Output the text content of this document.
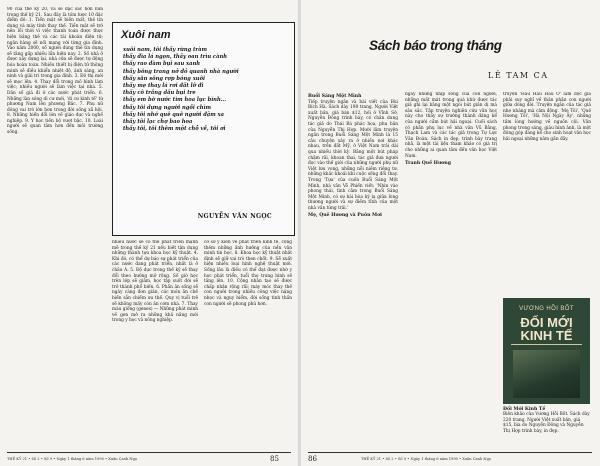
90 của thế kỷ 20, và sẽ đặc sắc hơn nữa trong thế kỷ 21. Sau đây là tóm lược 10 đặc điểm đó: 1. Tiền mặt sẽ biến mất, thẻ tín dụng và máy tính thay thế. Tiền mặt sẽ trở nên lỗi thời vì việc thanh toán được thực hiện bằng thẻ và các tài khoản điện tử; ngân hàng sẽ nối mạng với từng gia đình. Vào năm 2000, số người dùng thẻ tín dụng sẽ tăng gấp nhiều lần hiện nay. 2. Số nhà ở được xây dựng lại, nhà cửa sẽ được tự động hóa hoàn toàn. Nhiều thiết bị điện tử thông minh sẽ điều khiển nhiệt độ, ánh sáng, an ninh và giải trí trong gia đình. 3. Đô thị mới sẽ mọc lên. 4. Thay đổi trong mô hình làm việc; nhiều người sẽ làm việc tại nhà. 5. Dân số già đi ở các nước phát triển. 6. Những làn sóng di cư mới, 'di cư kinh tế' từ phương Nam lên phương Bắc. 7. Phụ nữ đóng vai trò lớn hơn trong đời sống xã hội. 8. Những biến đổi lớn về giáo dục và nghề nghiệp. 9. Y học tiến bộ vượt bậc. 10. Loài người sẽ quan tâm hơn đến môi trường sống.
Xuôi nam
xuôi nam, tôi thấy rừng tràm
thấy đìa lá ngọn, thấy oan trìu cành
thấy rao đàm bụi sau xanh
thấy bông trang nở đỏ quanh nhà người
thấy sân sông rợp bóng xuôi
thấy mẹ thay lá rơi đất lỡ đi
thấy cô trắng dấu bụi tre
thấy em bờ nước tìm hoa lục bình...
thấy tôi dựng người ngồi chìm
thấy tôi nhớ quê quê người đậm xa
thấy tôi lạc chợ bao hoa
thấy tôi, tôi thêm một chỗ về, tôi ơi
NGUYỄN VĂN NGỌC
nhiều nước sẽ có thể phát triển mạnh mẽ trong thế kỷ 21 nếu biết tận dụng những thành tựu khoa học kỹ thuật. 4. Khi đó, có thể dự báo sự phát triển của các nước đang phát triển, nhất là ở châu Á. 5. Độ dục trong thế kỷ sẽ thay đổi theo hướng mở rộng. Số giờ học trên lớp sẽ giảm, học tập suốt đời sẽ trở thành phổ biến. 6. Phần ăn sống sẽ ngày càng đơn giản, các món ăn chế biến sẵn chiếm ưu thế. Quy vị tuổi trẻ sẽ không mấy còn ăn cơm nhà. 7. Thay màu giống (genes) — Những phát minh về gen mở ra những khả năng mới trong y học và nông nghiệp.
cơ sở ý kiến về phát triển kinh tế, cộng thêm những ảnh hưởng của nền văn minh tin học. 8. Khoa học kỹ thuật nhất định sẽ giữ vai trò then chốt. 9. Sẽ xuất hiện nhiều loại hình nghệ thuật mới. Sống lâu là điều có thể đạt được nhờ y học phát triển, tuổi thọ trung bình sẽ tăng lên. 10. Cộng nhân tạo sẽ được chấp nhận rộng rãi; máy móc thay thế con người trong nhiều công việc nặng nhọc và nguy hiểm, đời sống tinh thần con người sẽ phong phú hơn.
THẾ KỶ 21 • Số 2 • Số 9 • Ngày 1 tháng 6 năm 1990 • Xuân Canh Ngọ	85
Sách báo trong tháng
LÊ TAM CA
Buổi Sáng Một Mình
Tiếp truyện ngắn và bài viết của Bùi Bích Hà. Sách dày 198 trang, Người Việt xuất bản, giá bán $12, hỏi ở Vĩnh Sở, Nguyễn Đông trình bày, có chân dung tác giả do Thái Bá phác họa, phụ bản của Nguyễn Thị Hợp. Mười lăm truyện ngắn trong Buổi Sáng Một Mình là 15 câu chuyện xảy ra ở nhiều nơi khác nhau, trên đất Mỹ, ở Việt Nam trải dài qua nhiều thời kỳ. Bằng một bút pháp chậm rãi, khoan thai, tác giả đưa người đọc vào thế giới của những người phụ nữ Việt lưu vong, những nỗi niềm riêng tư, những khắc khoải khi cuộc sống đổi thay. Trong 'Tựa' của cuốn Buổi Sáng Một Mình, nhà văn Võ Phiến viết: 'Nhìn vào phong thái, tình cảm trong Buổi Sáng Một Mình, có sự hài hòa kỳ lạ giữa lòng thương người và sự điềm tĩnh của một nhà văn từng trải.'
Mẹ, Quê Hương và Puôn Mơi
ngay những nhịp sống của con người, những mất mát trong quá khứ được tác giả ghi lại bằng một ngòi bút giản dị mà sâu sắc. Tập truyện nghiên cứu văn học này cho thấy sự trưởng thành đáng kể của người cầm bút hải ngoại. Cuối sách có phần phụ lục về nhà văn Vũ Bằng, Thạch Lam và các tác giả trong Tự Lực Văn Đoàn. Sách in đẹp, trình bày trang nhã, là một tài liệu tham khảo có giá trị cho những ai quan tâm đến văn học Việt Nam.
Tranh Quế Hương
truyện 'Hầu Hầu Hầu Ở' làm độc giả phải suy nghĩ về thân phận con người giữa dòng đời. Truyện ngắn của tác giả nhẹ nhàng mà cảm động. 'Mẹ Tôi', 'Quê Hương Tôi', 'Hà Nội Ngày Ấy', những tấm lòng hướng về nguồn cội. Văn phong trong sáng, giàu hình ảnh, là một đóng góp đáng kể cho sinh hoạt văn học hải ngoại những năm gần đây.
VƯƠNG HỒI BỐT
ĐỐI MỚI KINH TẾ
Đổi Mới Kinh Tế
Biên khảo của Vương Hồi Bốt. Sách dày 220 trang, Người Việt xuất bản, giá $15, bìa do Nguyễn Đông và Nguyễn Thị Hợp trình bày, in đẹp.
86	THẾ KỶ 21 • Số 2 • Số 9 • Ngày 1 tháng 6 năm 1990 • Xuân Canh Ngọ
